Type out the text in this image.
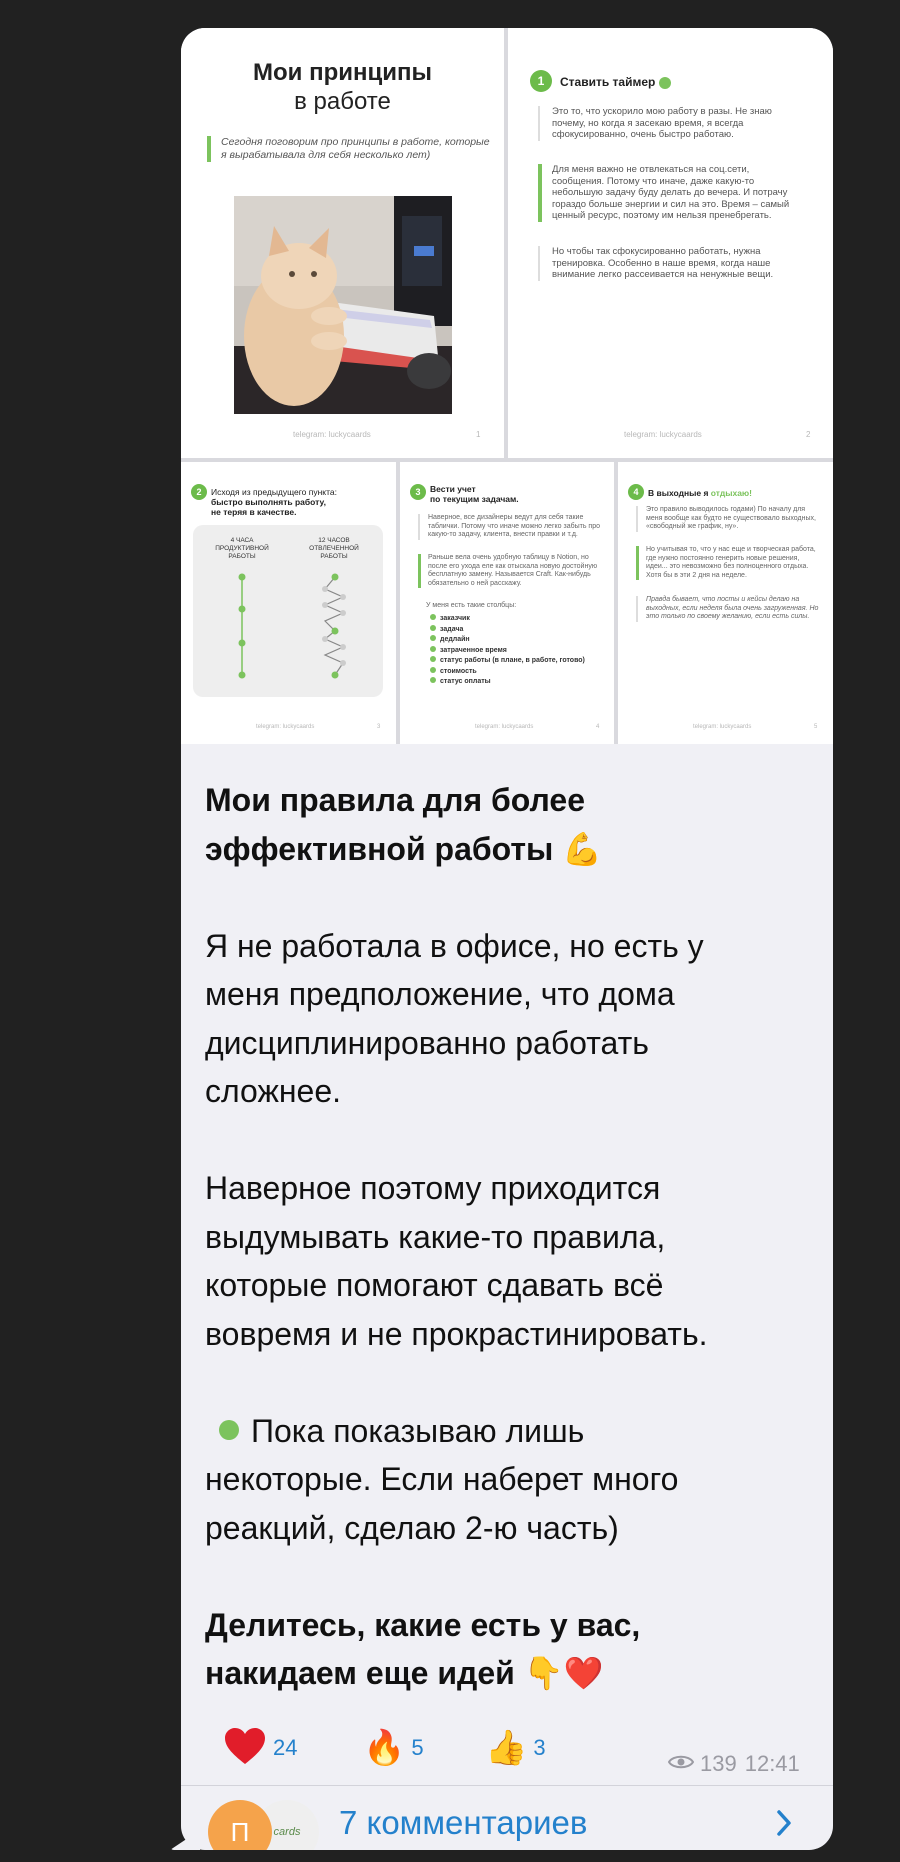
Мои принципы
в работе
Сегодня поговорим про принципы в работе, которые я вырабатывала для себя несколько лет)
telegram: luckycaards	1
1	Ставить таймер
Это то, что ускорило мою работу в разы. Не знаю почему, но когда я засекаю время, я всегда сфокусированно, очень быстро работаю.
Для меня важно не отвлекаться на соц.сети, сообщения. Потому что иначе, даже какую-то небольшую задачу буду делать до вечера. И потрачу гораздо больше энергии и сил на это. Время – самый ценный ресурс, поэтому им нельзя пренебрегать.
Но чтобы так сфокусированно работать, нужна тренировка. Особенно в наше время, когда наше внимание легко рассеивается на ненужные вещи.
telegram: luckycaards	2
2	Исходя из предыдущего пункта:
быстро выполнять работу,
не теряя в качестве.
4 ЧАСА ПРОДУКТИВНОЙ РАБОТЫ
12 ЧАСОВ ОТВЛЕЧЕННОЙ РАБОТЫ
telegram: luckycaards	3
3	Вести учет
по текущим задачам.
Наверное, все дизайнеры ведут для себя такие таблички. Потому что иначе можно легко забыть про какую-то задачу, клиента, внести правки и т.д.
Раньше вела очень удобную таблицу в Notion, но после его ухода еле как отыскала новую достойную бесплатную замену. Называется Craft. Как-нибудь обязательно о ней расскажу.
У меня есть такие столбцы:
заказчик
задача
дедлайн
затраченное время
статус работы (в плане, в работе, готово)
стоимость
статус оплаты
telegram: luckycaards	4
4	В выходные я отдыхаю!
Это правило выводилось годами) По началу для меня вообще как будто не существовало выходных, «свободный же график, ну».
Но учитывая то, что у нас еще и творческая работа, где нужно постоянно генерить новые решения, идеи... это невозможно без полноценного отдыха. Хотя бы в эти 2 дня на неделе.
Правда бывает, что посты и кейсы делаю на выходных, если неделя была очень загруженная. Но это только по своему желанию, если есть силы.
telegram: luckycaards	5

Мои правила для более
эффективной работы 💪

Я не работала в офисе, но есть у
меня предположение, что дома
дисциплинированно работать
сложнее.

Наверное поэтому приходится
выдумывать какие-то правила,
которые помогают сдавать всё
вовремя и не прокрастинировать.

Пока показываю лишь
некоторые. Если наберет много
реакций, сделаю 2-ю часть)

Делитесь, какие есть у вас,
накидаем еще идей 👇❤️

24 🔥 5 👍 3
139 12:41
cards
П	7 комментариев
